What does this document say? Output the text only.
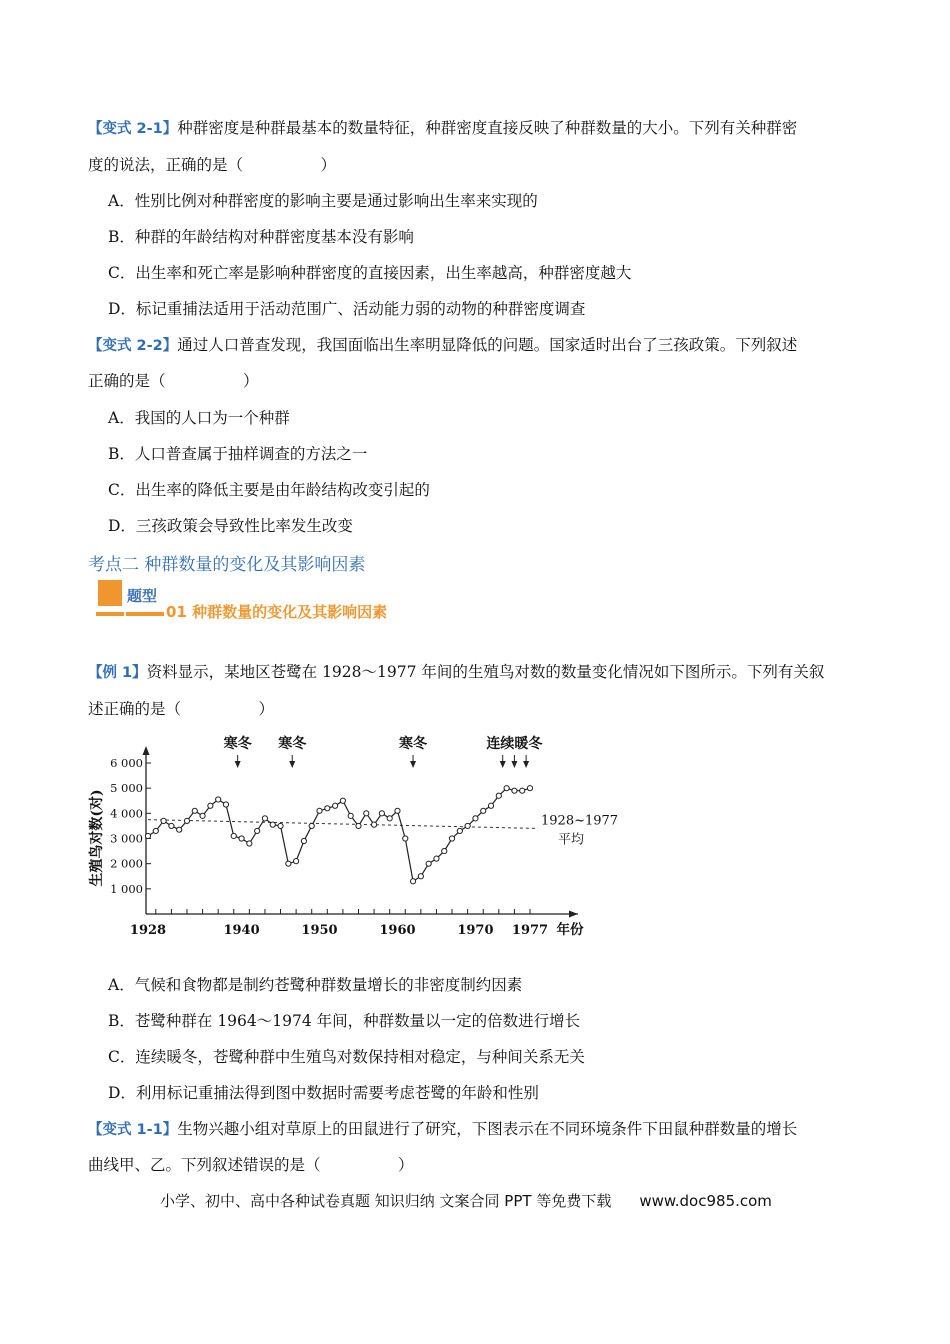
【变式 2-1】种群密度是种群最基本的数量特征，种群密度直接反映了种群数量的大小。下列有关种群密
度的说法，正确的是（　　　　　）
A．性别比例对种群密度的影响主要是通过影响出生率来实现的
B．种群的年龄结构对种群密度基本没有影响
C．出生率和死亡率是影响种群密度的直接因素，出生率越高，种群密度越大
D．标记重捕法适用于活动范围广、活动能力弱的动物的种群密度调查
【变式 2-2】通过人口普查发现，我国面临出生率明显降低的问题。国家适时出台了三孩政策。下列叙述
正确的是（　　　　　）
A．我国的人口为一个种群
B．人口普查属于抽样调查的方法之一
C．出生率的降低主要是由年龄结构改变引起的
D．三孩政策会导致性比率发生改变
考点二 种群数量的变化及其影响因素
题型
01 种群数量的变化及其影响因素
【例 1】资料显示，某地区苍鹭在 1928～1977 年间的生殖鸟对数的数量变化情况如下图所示。下列有关叙
述正确的是（　　　　　）
1 000
2 000
3 000
4 000
5 000
6 000
1928	1940	1950	1960	1970 1977 年份
生殖鸟对数(对)	1928~1977
平均
寒冬 寒冬	寒冬	连续暖冬
A．气候和食物都是制约苍鹭种群数量增长的非密度制约因素
B．苍鹭种群在 1964～1974 年间，种群数量以一定的倍数进行增长
C．连续暖冬，苍鹭种群中生殖鸟对数保持相对稳定，与种间关系无关
D．利用标记重捕法得到图中数据时需要考虑苍鹭的年龄和性别
【变式 1-1】生物兴趣小组对草原上的田鼠进行了研究，下图表示在不同环境条件下田鼠种群数量的增长
曲线甲、乙。下列叙述错误的是（　　　　　）
小学、初中、高中各种试卷真题 知识归纳 文案合同 PPT 等免费下载 www.doc985.com
